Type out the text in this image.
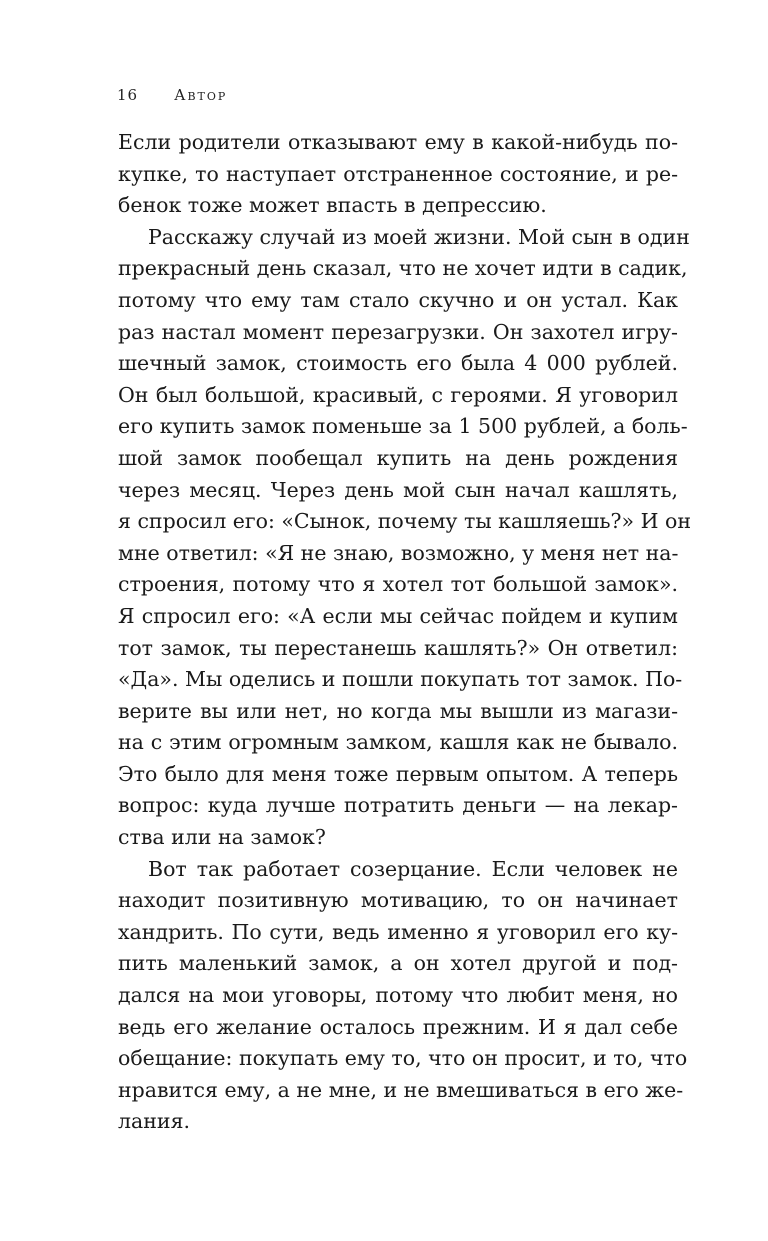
16 Автор

Если родители отказывают ему в какой-нибудь по-
купке, то наступает отстраненное состояние, и ре-
бенок тоже может впасть в депрессию.

Расскажу случай из моей жизни. Мой сын в один
прекрасный день сказал, что не хочет идти в садик,
потому что ему там стало скучно и он устал. Как
раз настал момент перезагрузки. Он захотел игру-
шечный замок, стоимость его была 4 000 рублей.
Он был большой, красивый, с героями. Я уговорил
его купить замок поменьше за 1 500 рублей, а боль-
шой замок пообещал купить на день рождения
через месяц. Через день мой сын начал кашлять,
я спросил его: «Сынок, почему ты кашляешь?» И он
мне ответил: «Я не знаю, возможно, у меня нет на-
строения, потому что я хотел тот большой замок».
Я спросил его: «А если мы сейчас пойдем и купим
тот замок, ты перестанешь кашлять?» Он ответил:
«Да». Мы оделись и пошли покупать тот замок. По-
верите вы или нет, но когда мы вышли из магази-
на с этим огромным замком, кашля как не бывало.
Это было для меня тоже первым опытом. А теперь
вопрос: куда лучше потратить деньги — на лекар-
ства или на замок?

Вот так работает созерцание. Если человек не
находит позитивную мотивацию, то он начинает
хандрить. По сути, ведь именно я уговорил его ку-
пить маленький замок, а он хотел другой и под-
дался на мои уговоры, потому что любит меня, но
ведь его желание осталось прежним. И я дал себе
обещание: покупать ему то, что он просит, и то, что
нравится ему, а не мне, и не вмешиваться в его же-
лания.
